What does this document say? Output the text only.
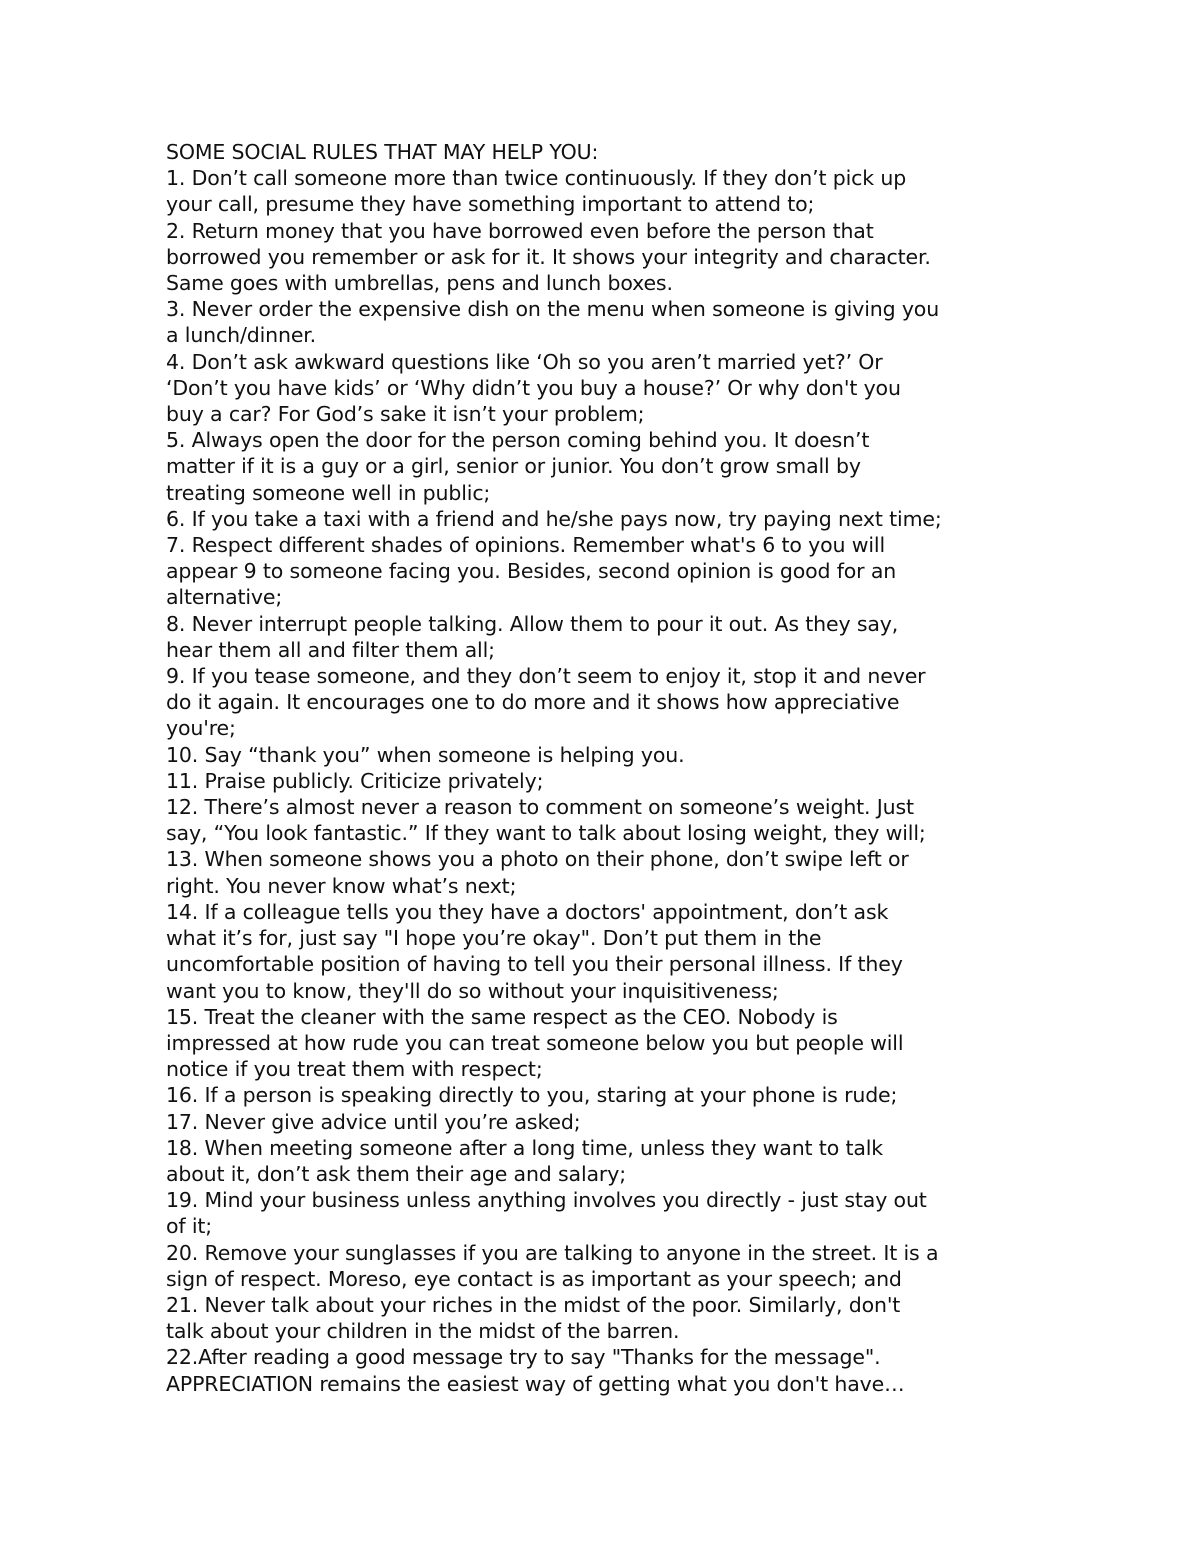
SOME SOCIAL RULES THAT MAY HELP YOU:
1. Don’t call someone more than twice continuously. If they don’t pick up
your call, presume they have something important to attend to;
2. Return money that you have borrowed even before the person that
borrowed you remember or ask for it. It shows your integrity and character.
Same goes with umbrellas, pens and lunch boxes.
3. Never order the expensive dish on the menu when someone is giving you
a lunch/dinner.
4. Don’t ask awkward questions like ‘Oh so you aren’t married yet?’ Or
‘Don’t you have kids’ or ‘Why didn’t you buy a house?’ Or why don't you
buy a car? For God’s sake it isn’t your problem;
5. Always open the door for the person coming behind you. It doesn’t
matter if it is a guy or a girl, senior or junior. You don’t grow small by
treating someone well in public;
6. If you take a taxi with a friend and he/she pays now, try paying next time;
7. Respect different shades of opinions. Remember what's 6 to you will
appear 9 to someone facing you. Besides, second opinion is good for an
alternative;
8. Never interrupt people talking. Allow them to pour it out. As they say,
hear them all and filter them all;
9. If you tease someone, and they don’t seem to enjoy it, stop it and never
do it again. It encourages one to do more and it shows how appreciative
you're;
10. Say “thank you” when someone is helping you.
11. Praise publicly. Criticize privately;
12. There’s almost never a reason to comment on someone’s weight. Just
say, “You look fantastic.” If they want to talk about losing weight, they will;
13. When someone shows you a photo on their phone, don’t swipe left or
right. You never know what’s next;
14. If a colleague tells you they have a doctors' appointment, don’t ask
what it’s for, just say "I hope you’re okay". Don’t put them in the
uncomfortable position of having to tell you their personal illness. If they
want you to know, they'll do so without your inquisitiveness;
15. Treat the cleaner with the same respect as the CEO. Nobody is
impressed at how rude you can treat someone below you but people will
notice if you treat them with respect;
16. If a person is speaking directly to you, staring at your phone is rude;
17. Never give advice until you’re asked;
18. When meeting someone after a long time, unless they want to talk
about it, don’t ask them their age and salary;
19. Mind your business unless anything involves you directly - just stay out
of it;
20. Remove your sunglasses if you are talking to anyone in the street. It is a
sign of respect. Moreso, eye contact is as important as your speech; and
21. Never talk about your riches in the midst of the poor. Similarly, don't
talk about your children in the midst of the barren.
22.After reading a good message try to say "Thanks for the message".
APPRECIATION remains the easiest way of getting what you don't have…
